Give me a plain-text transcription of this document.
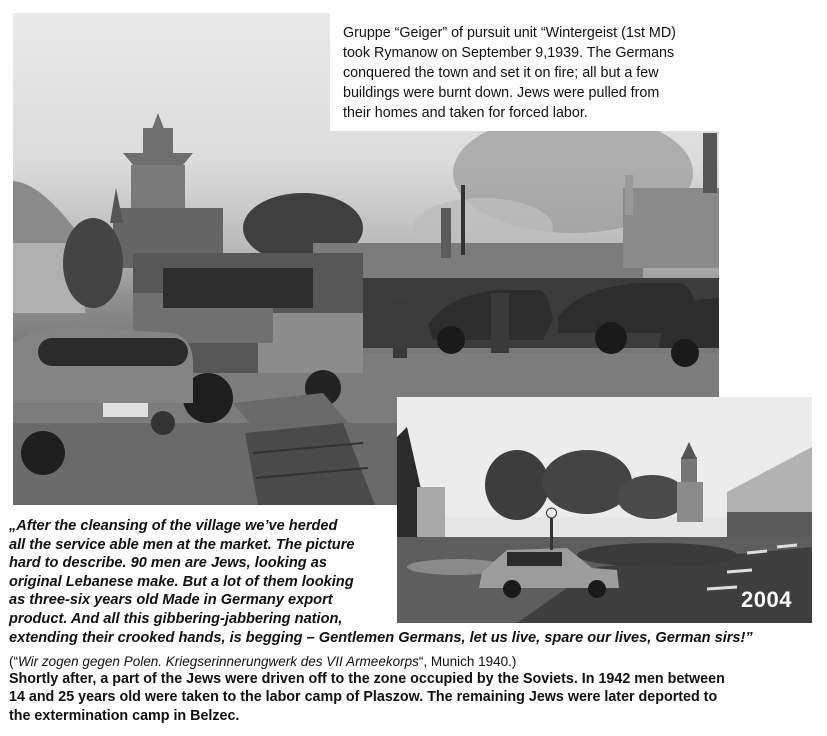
Gruppe “Geiger” of pursuit unit “Wintergeist (1st MD)
took Rymanow on September 9,1939. The Germans
conquered the town and set it on fire; all but a few
buildings were burnt down. Jews were pulled from
their homes and taken for forced labor.
2004
„After the cleansing of the village we’ve herded
all the service able men at the market. The picture
hard to describe. 90 men are Jews, looking as
original Lebanese make. But a lot of them looking
as three-six years old Made in Germany export
product. And all this gibbering-jabbering nation,
extending their crooked hands, is begging – Gentlemen Germans, let us live, spare our lives, German sirs!”
(“Wir zogen gegen Polen. Kriegserinnerungwerk des VII Armeekorps“, Munich 1940.)
Shortly after, a part of the Jews were driven off to the zone occupied by the Soviets. In 1942 men between
14 and 25 years old were taken to the labor camp of Plaszow. The remaining Jews were later deported to
the extermination camp in Belzec.
